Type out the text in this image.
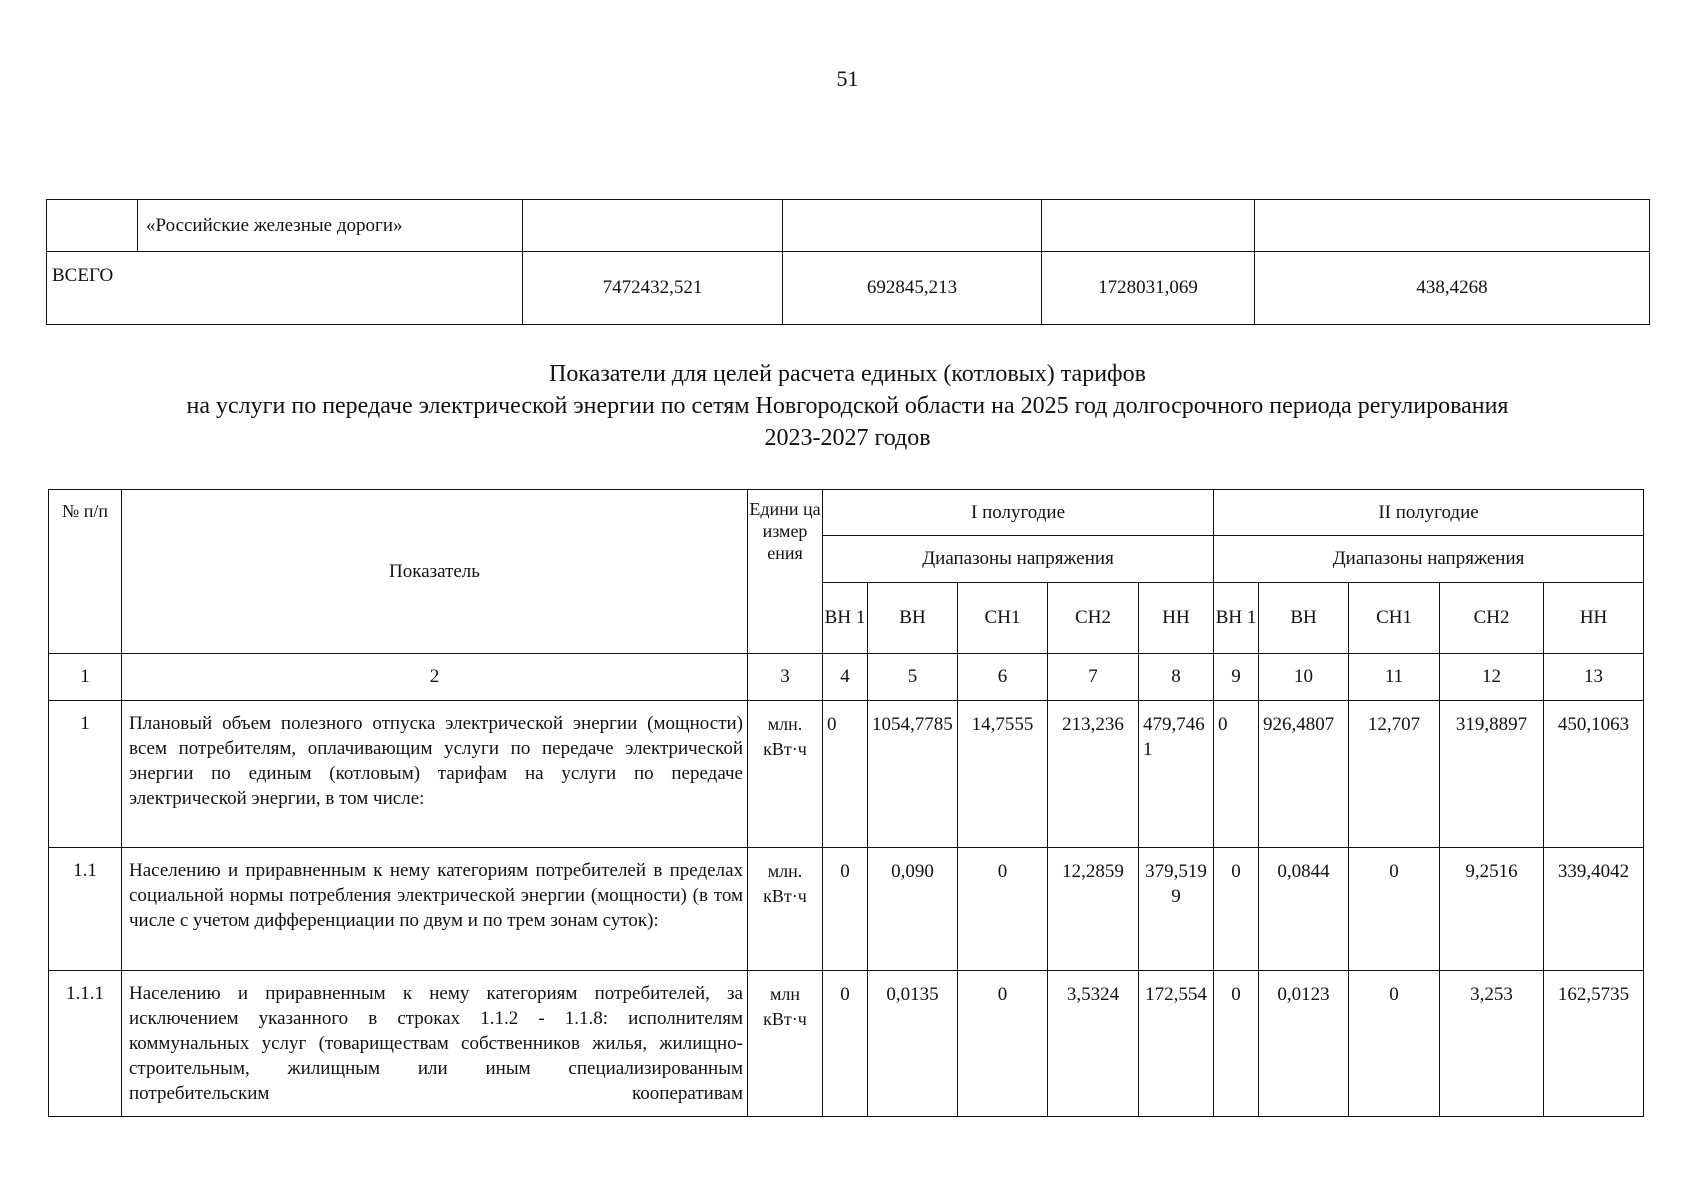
51
	«Российские железные дороги»				
ВСЕГО		7472432,521	692845,213	1728031,069	438,4268
Показатели для целей расчета единых (котловых) тарифов
на услуги по передаче электрической энергии по сетям Новгородской области на 2025 год долгосрочного периода регулирования
2023-2027 годов
№ п/п	Показатель	Едини ца измер ения	I полугодие					II полугодие				
			Диапазоны напряжения					Диапазоны напряжения				
			ВН 1	ВН	СН1	СН2	НН	ВН 1	ВН	СН1	СН2	НН
1	2	3	4	5	6	7	8	9	10	11	12	13
1	Плановый объем полезного отпуска электрической энергии (мощности) всем потребителям, оплачивающим услуги по передаче электрической энергии по единым (котловым) тарифам на услуги по передаче электрической энергии, в том числе:	млн. кВт·ч	0	1054,7785	14,7555	213,236	479,7461	0	926,4807	12,707	319,8897	450,1063
1.1	Населению и приравненным к нему категориям потребителей в пределах социальной нормы потребления электрической энергии (мощности) (в том числе с учетом дифференциации по двум и по трем зонам суток):	млн. кВт·ч	0	0,090	0	12,2859	379,5199	0	0,0844	0	9,2516	339,4042
1.1.1	Населению и приравненным к нему категориям потребителей, за исключением указанного в строках 1.1.2 - 1.1.8: исполнителям коммунальных услуг (товариществам собственников жилья, жилищно-строительным, жилищным или иным специализированным потребительским кооперативам	млн кВт·ч	0	0,0135	0	3,5324	172,554	0	0,0123	0	3,253	162,5735
